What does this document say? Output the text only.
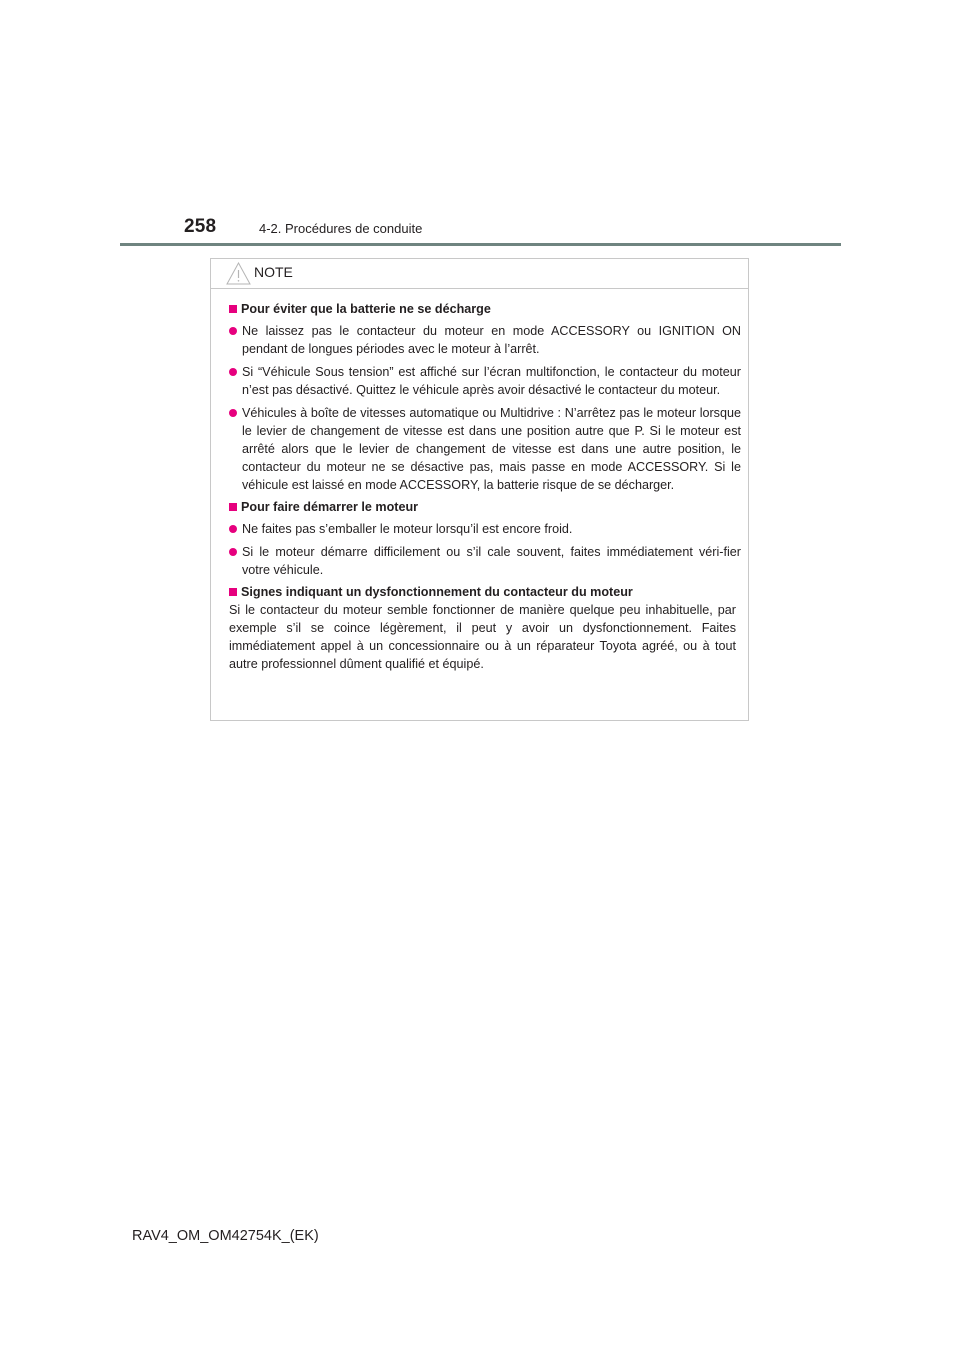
258	4-2. Procédures de conduite
NOTE
Pour éviter que la batterie ne se décharge
Ne laissez pas le contacteur du moteur en mode ACCESSORY ou IGNITION ON pendant de longues périodes avec le moteur à l’arrêt.
Si “Véhicule Sous tension” est affiché sur l’écran multifonction, le contacteur du moteur n’est pas désactivé. Quittez le véhicule après avoir désactivé le contacteur du moteur.
Véhicules à boîte de vitesses automatique ou Multidrive : N’arrêtez pas le moteur lorsque le levier de changement de vitesse est dans une position autre que P. Si le moteur est arrêté alors que le levier de changement de vitesse est dans une autre position, le contacteur du moteur ne se désactive pas, mais passe en mode ACCESSORY. Si le véhicule est laissé en mode ACCESSORY, la batterie risque de se décharger.
Pour faire démarrer le moteur
Ne faites pas s’emballer le moteur lorsqu’il est encore froid.
Si le moteur démarre difficilement ou s’il cale souvent, faites immédiatement véri-fier votre véhicule.
Signes indiquant un dysfonctionnement du contacteur du moteur
Si le contacteur du moteur semble fonctionner de manière quelque peu inhabituelle, par exemple s’il se coince légèrement, il peut y avoir un dysfonctionnement. Faites immédiatement appel à un concessionnaire ou à un réparateur Toyota agréé, ou à tout autre professionnel dûment qualifié et équipé.
RAV4_OM_OM42754K_(EK)
